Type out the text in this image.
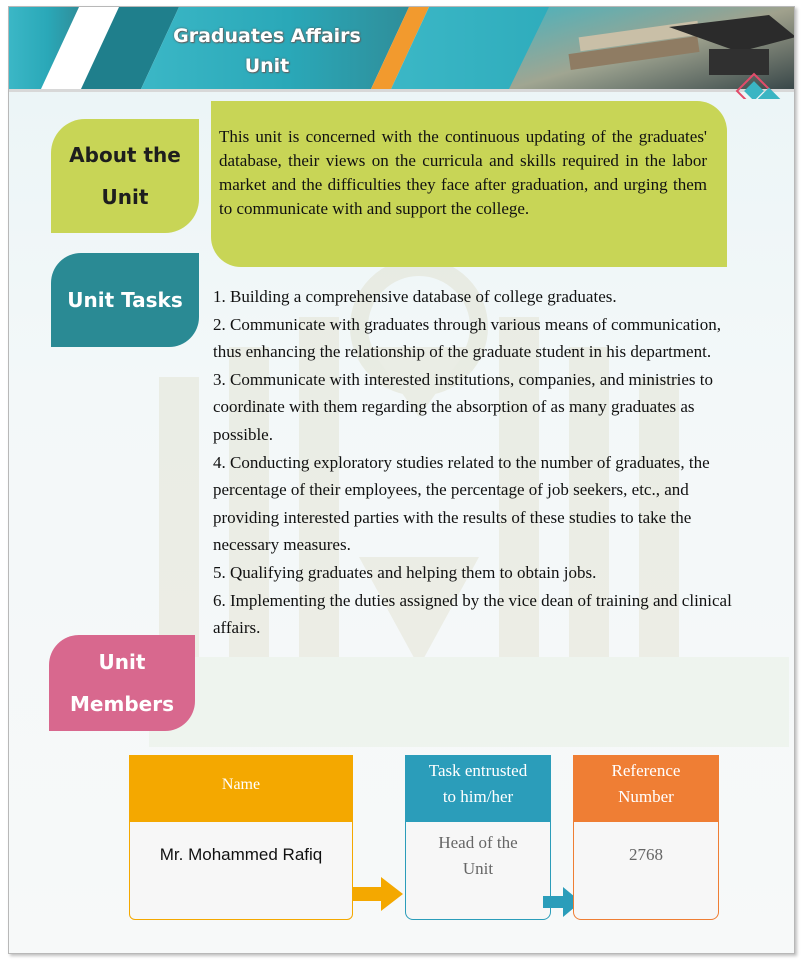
Graduates Affairs
Unit
About the
Unit
This unit is concerned with the continuous updating of the graduates' database, their views on the curricula and skills required in the labor market and the difficulties they face after graduation, and urging them to communicate with and support the college.
Unit Tasks	1. Building a comprehensive database of college graduates.
2. Communicate with graduates through various means of communication, thus enhancing the relationship of the graduate student in his department.
3. Communicate with interested institutions, companies, and ministries to coordinate with them regarding the absorption of as many graduates as possible.
4. Conducting exploratory studies related to the number of graduates, the percentage of their employees, the percentage of job seekers, etc., and providing interested parties with the results of these studies to take the necessary measures.
5. Qualifying graduates and helping them to obtain jobs.
6. Implementing the duties assigned by the vice dean of training and clinical affairs.
Unit
Members
Name
Mr. Mohammed Rafiq
Task entrusted
to him/her
Head of the
Unit
Reference
Number
2768
